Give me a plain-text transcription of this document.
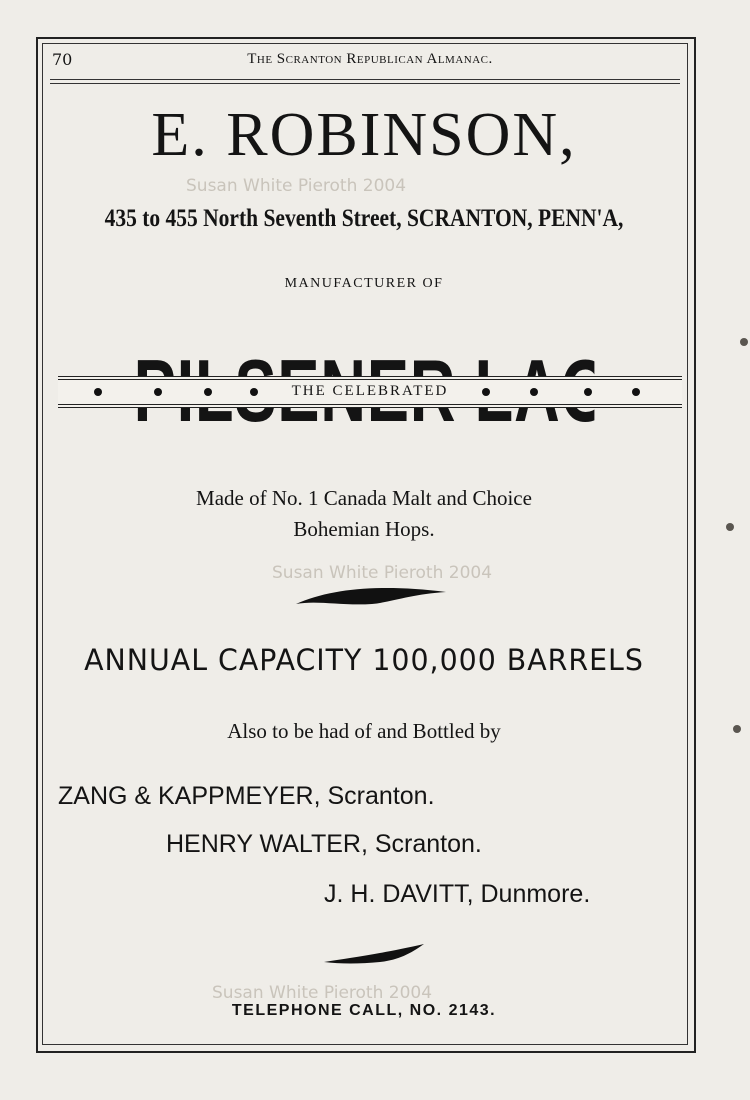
70	The Scranton Republican Almanac.
E. ROBINSON,
Susan White Pieroth 2004
435 to 455 North Seventh Street, SCRANTON, PENN'A,
MANUFACTURER OF
THE CELEBRATED
Made of No. 1 Canada Malt and Choice
Bohemian Hops.
Susan White Pieroth 2004
ANNUAL CAPACITY 100,000 BARRELS
Also to be had of and Bottled by
ZANG & KAPPMEYER, Scranton.
HENRY WALTER, Scranton.
J. H. DAVITT, Dunmore.
Susan White Pieroth 2004
TELEPHONE CALL, NO. 2143.
